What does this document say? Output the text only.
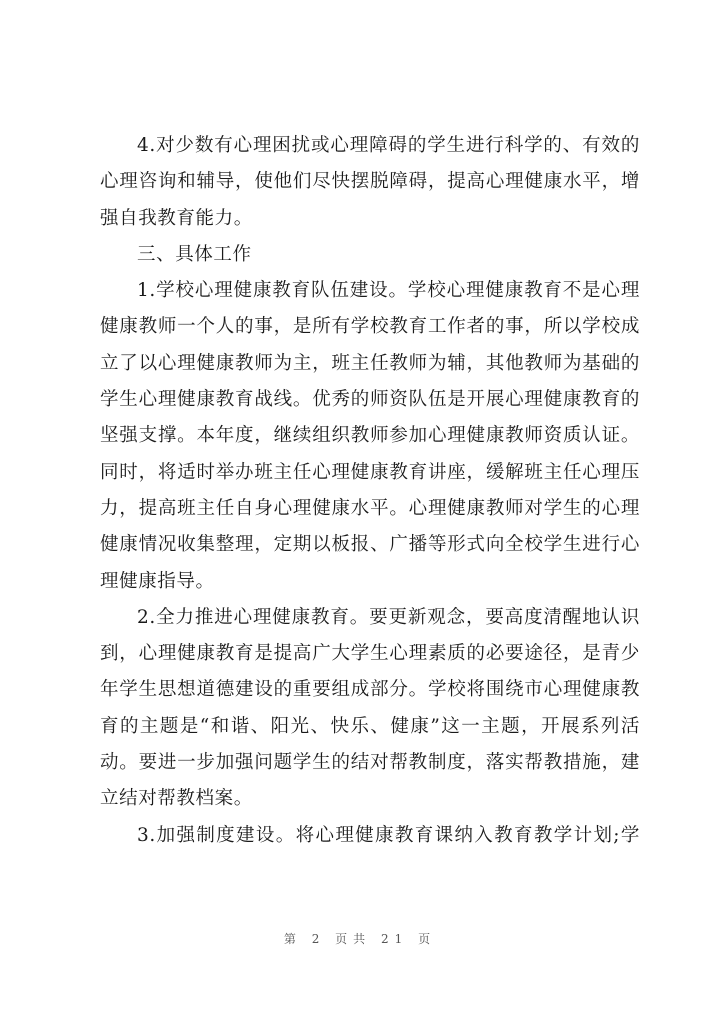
4.对少数有心理困扰或心理障碍的学生进行科学的、有效的
心理咨询和辅导，使他们尽快摆脱障碍，提高心理健康水平，增
强自我教育能力。
三、具体工作
1.学校心理健康教育队伍建设。学校心理健康教育不是心理
健康教师一个人的事，是所有学校教育工作者的事，所以学校成
立了以心理健康教师为主，班主任教师为辅，其他教师为基础的
学生心理健康教育战线。优秀的师资队伍是开展心理健康教育的
坚强支撑。本年度，继续组织教师参加心理健康教师资质认证。
同时，将适时举办班主任心理健康教育讲座，缓解班主任心理压
力，提高班主任自身心理健康水平。心理健康教师对学生的心理
健康情况收集整理，定期以板报、广播等形式向全校学生进行心
理健康指导。
2.全力推进心理健康教育。要更新观念，要高度清醒地认识
到，心理健康教育是提高广大学生心理素质的必要途径，是青少
年学生思想道德建设的重要组成部分。学校将围绕市心理健康教
育的主题是“和谐、阳光、快乐、健康”这一主题，开展系列活
动。要进一步加强问题学生的结对帮教制度，落实帮教措施，建
立结对帮教档案。
3.加强制度建设。将心理健康教育课纳入教育教学计划;学
第 2 页共 21 页
